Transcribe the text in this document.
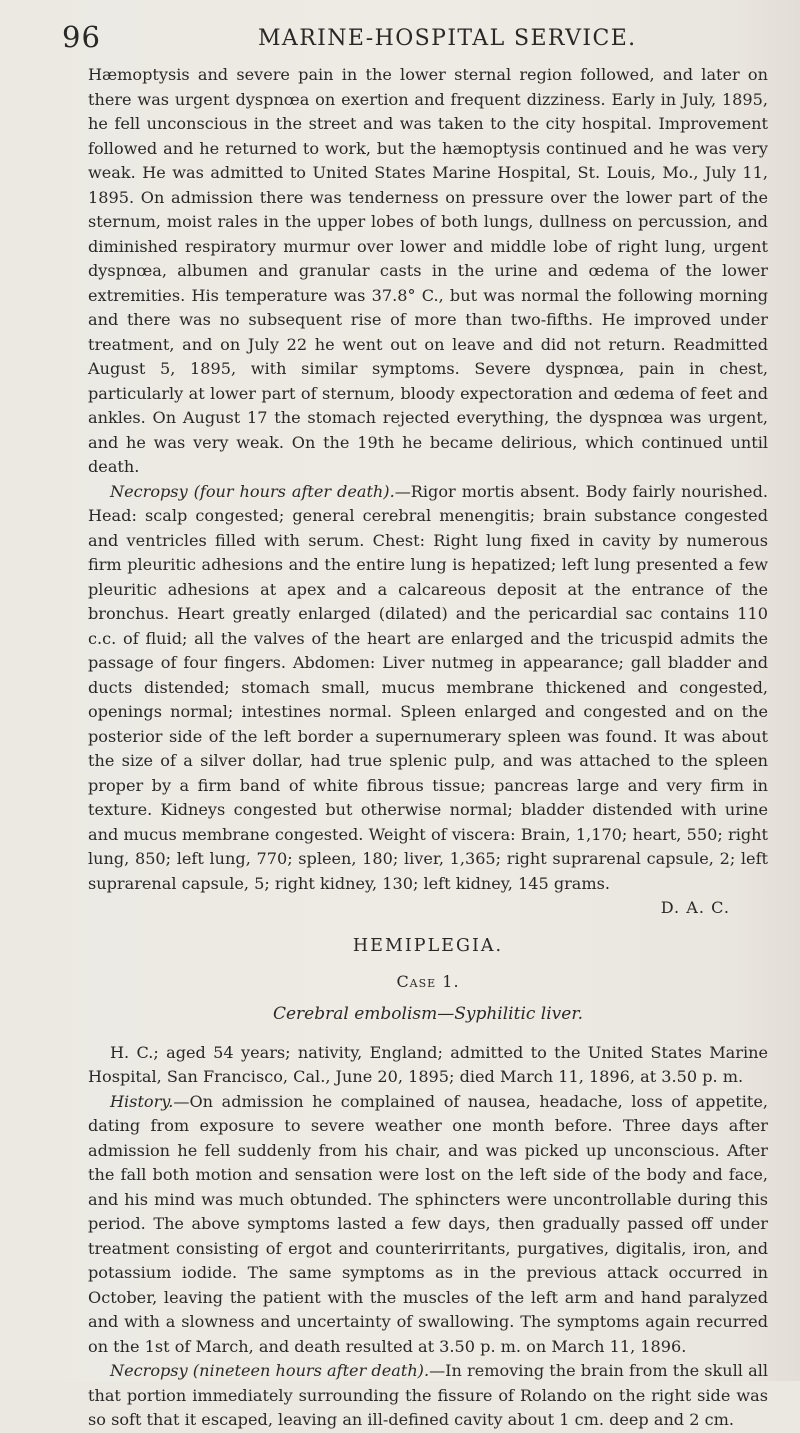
96	MARINE-HOSPITAL SERVICE.

Hæmoptysis and severe pain in the lower sternal region followed, and later on there was urgent dyspnœa on exertion and frequent dizziness. Early in July, 1895, he fell unconscious in the street and was taken to the city hospital. Improvement followed and he returned to work, but the hæmoptysis continued and he was very weak. He was admitted to United States Marine Hospital, St. Louis, Mo., July 11, 1895. On admission there was tenderness on pressure over the lower part of the sternum, moist rales in the upper lobes of both lungs, dullness on percussion, and diminished respiratory murmur over lower and middle lobe of right lung, urgent dyspnœa, albumen and granular casts in the urine and œdema of the lower extremities. His temperature was 37.8° C., but was normal the following morning and there was no subsequent rise of more than two-fifths. He improved under treatment, and on July 22 he went out on leave and did not return. Readmitted August 5, 1895, with similar symptoms. Severe dyspnœa, pain in chest, particularly at lower part of sternum, bloody expectoration and œdema of feet and ankles. On August 17 the stomach rejected everything, the dyspnœa was urgent, and he was very weak. On the 19th he became delirious, which continued until death.

Necropsy (four hours after death).—Rigor mortis absent. Body fairly nourished. Head: scalp congested; general cerebral menengitis; brain substance congested and ventricles filled with serum. Chest: Right lung fixed in cavity by numerous firm pleuritic adhesions and the entire lung is hepatized; left lung presented a few pleuritic adhesions at apex and a calcareous deposit at the entrance of the bronchus. Heart greatly enlarged (dilated) and the pericardial sac contains 110 c.c. of fluid; all the valves of the heart are enlarged and the tricuspid admits the passage of four fingers. Abdomen: Liver nutmeg in appearance; gall bladder and ducts distended; stomach small, mucus membrane thickened and congested, openings normal; intestines normal. Spleen enlarged and congested and on the posterior side of the left border a supernumerary spleen was found. It was about the size of a silver dollar, had true splenic pulp, and was attached to the spleen proper by a firm band of white fibrous tissue; pancreas large and very firm in texture. Kidneys congested but otherwise normal; bladder distended with urine and mucus membrane congested. Weight of viscera: Brain, 1,170; heart, 550; right lung, 850; left lung, 770; spleen, 180; liver, 1,365; right suprarenal capsule, 2; left suprarenal capsule, 5; right kidney, 130; left kidney, 145 grams.

D. A. C.

HEMIPLEGIA.

Case 1.

Cerebral embolism—Syphilitic liver.

H. C.; aged 54 years; nativity, England; admitted to the United States Marine Hospital, San Francisco, Cal., June 20, 1895; died March 11, 1896, at 3.50 p. m.

History.—On admission he complained of nausea, headache, loss of appetite, dating from exposure to severe weather one month before. Three days after admission he fell suddenly from his chair, and was picked up unconscious. After the fall both motion and sensation were lost on the left side of the body and face, and his mind was much obtunded. The sphincters were uncontrollable during this period. The above symptoms lasted a few days, then gradually passed off under treatment consisting of ergot and counterirritants, purgatives, digitalis, iron, and potassium iodide. The same symptoms as in the previous attack occurred in October, leaving the patient with the muscles of the left arm and hand paralyzed and with a slowness and uncertainty of swallowing. The symptoms again recurred on the 1st of March, and death resulted at 3.50 p. m. on March 11, 1896.

Necropsy (nineteen hours after death).—In removing the brain from the skull all that portion immediately surrounding the fissure of Rolando on the right side was so soft that it escaped, leaving an ill-defined cavity about 1 cm. deep and 2 cm.
